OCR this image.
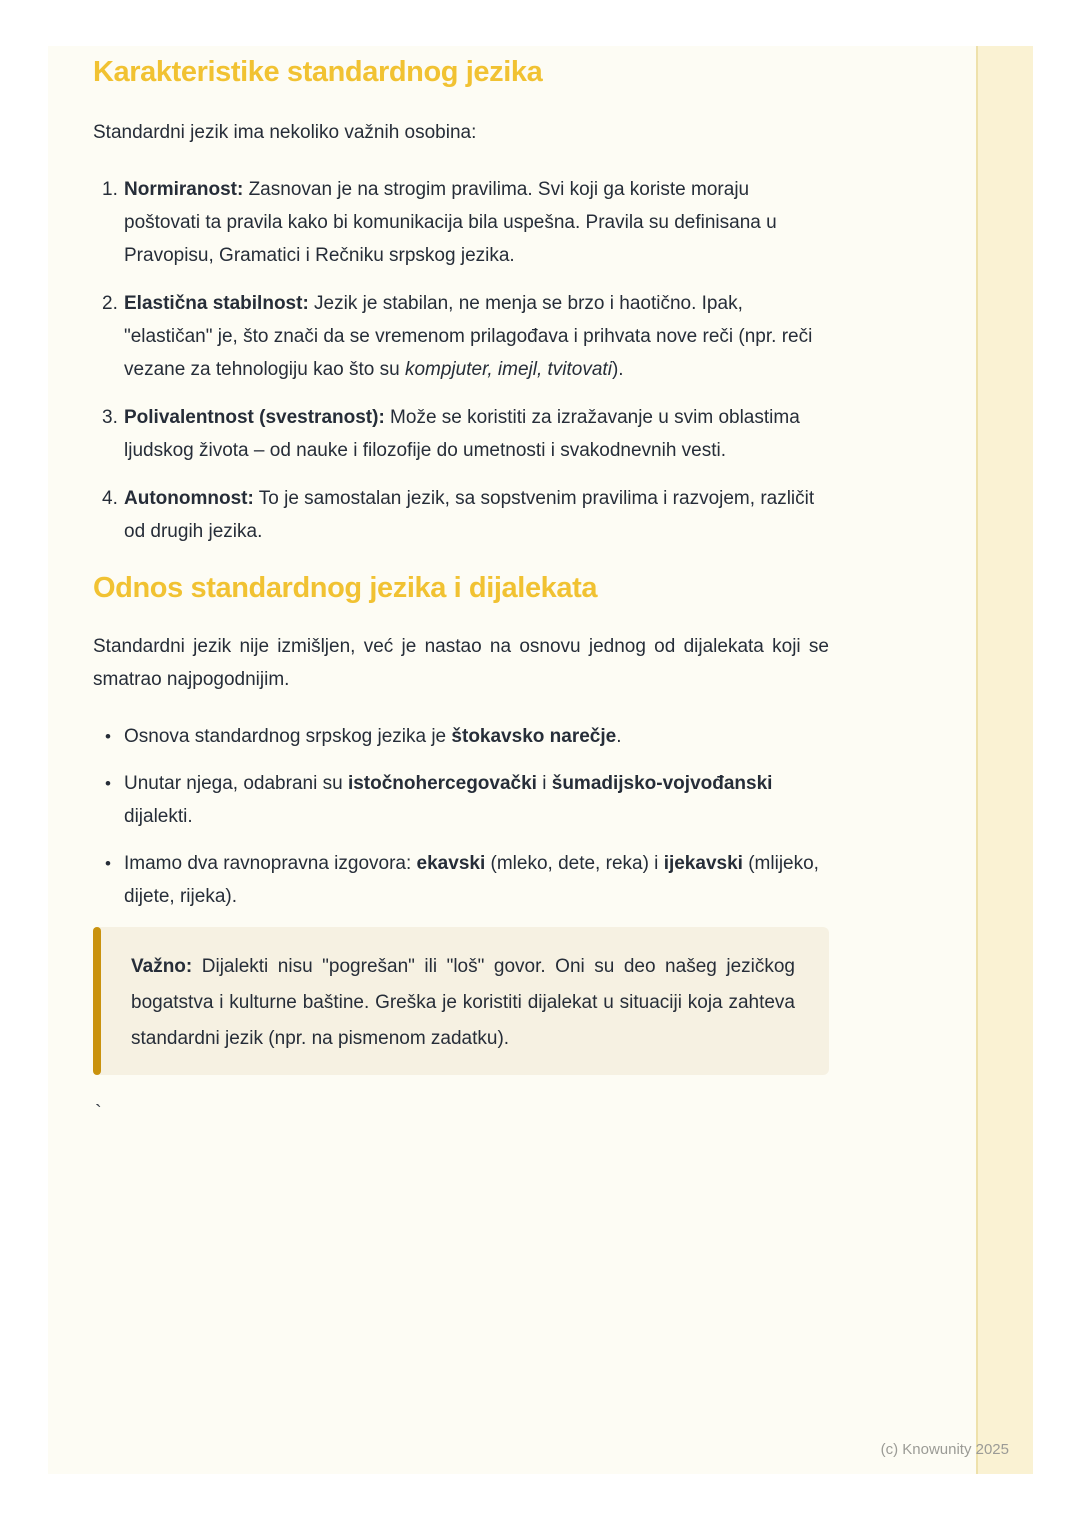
Karakteristike standardnog jezika

Standardni jezik ima nekoliko važnih osobina:

1. Normiranost: Zasnovan je na strogim pravilima. Svi koji ga koriste moraju poštovati ta pravila kako bi komunikacija bila uspešna. Pravila su definisana u Pravopisu, Gramatici i Rečniku srpskog jezika.

2. Elastična stabilnost: Jezik je stabilan, ne menja se brzo i haotično. Ipak, "elastičan" je, što znači da se vremenom prilagođava i prihvata nove reči (npr. reči vezane za tehnologiju kao što su kompjuter, imejl, tvitovati).

3. Polivalentnost (svestranost): Može se koristiti za izražavanje u svim oblastima ljudskog života – od nauke i filozofije do umetnosti i svakodnevnih vesti.

4. Autonomnost: To je samostalan jezik, sa sopstvenim pravilima i razvojem, različit od drugih jezika.

Odnos standardnog jezika i dijalekata

Standardni jezik nije izmišljen, već je nastao na osnovu jednog od dijalekata koji se smatrao najpogodnijim.

• Osnova standardnog srpskog jezika je štokavsko narečje.

• Unutar njega, odabrani su istočnohercegovački i šumadijsko-vojvođanski dijalekti.

• Imamo dva ravnopravna izgovora: ekavski (mleko, dete, reka) i ijekavski (mlijeko, dijete, rijeka).

Važno: Dijalekti nisu "pogrešan" ili "loš" govor. Oni su deo našeg jezičkog bogatstva i kulturne baštine. Greška je koristiti dijalekat u situaciji koja zahteva standardni jezik (npr. na pismenom zadatku).

`
(c) Knowunity 2025
